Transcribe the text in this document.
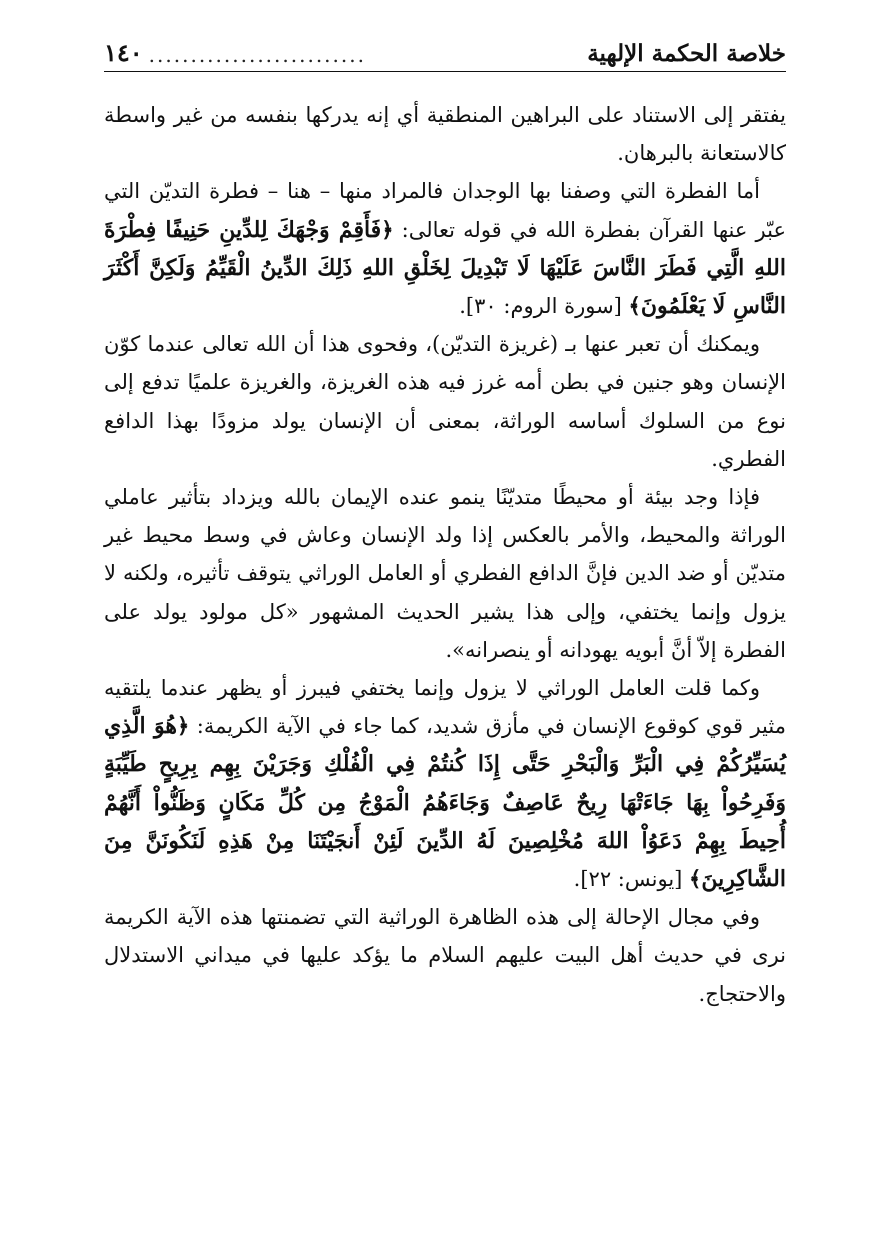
خلاصة الحكمة الإلهية
..........................
١٤٠

يفتقر إلى الاستناد على البراهين المنطقية أي إنه يدركها بنفسه من غير واسطة كالاستعانة بالبرهان.

أما الفطرة التي وصفنا بها الوجدان فالمراد منها – هنا – فطرة التديّن التي عبّر عنها القرآن بفطرة الله في قوله تعالى: ﴿فَأَقِمْ وَجْهَكَ لِلدِّينِ حَنِيفًا فِطْرَةَ اللهِ الَّتِي فَطَرَ النَّاسَ عَلَيْهَا لَا تَبْدِيلَ لِخَلْقِ اللهِ ذَلِكَ الدِّينُ الْقَيِّمُ وَلَكِنَّ أَكْثَرَ النَّاسِ لَا يَعْلَمُونَ﴾ [سورة الروم: ٣٠].

ويمكنك أن تعبر عنها بـ (غريزة التديّن)، وفحوى هذا أن الله تعالى عندما كوّن الإنسان وهو جنين في بطن أمه غرز فيه هذه الغريزة، والغريزة علميًا تدفع إلى نوع من السلوك أساسه الوراثة، بمعنى أن الإنسان يولد مزودًا بهذا الدافع الفطري.

فإذا وجد بيئة أو محيطًا متديّنًا ينمو عنده الإيمان بالله ويزداد بتأثير عاملي الوراثة والمحيط، والأمر بالعكس إذا ولد الإنسان وعاش في وسط محيط غير متديّن أو ضد الدين فإنَّ الدافع الفطري أو العامل الوراثي يتوقف تأثيره، ولكنه لا يزول وإنما يختفي، وإلى هذا يشير الحديث المشهور «كل مولود يولد على الفطرة إلاّ أنَّ أبويه يهودانه أو ينصرانه».

وكما قلت العامل الوراثي لا يزول وإنما يختفي فيبرز أو يظهر عندما يلتقيه مثير قوي كوقوع الإنسان في مأزق شديد، كما جاء في الآية الكريمة: ﴿هُوَ الَّذِي يُسَيِّرُكُمْ فِي الْبَرِّ وَالْبَحْرِ حَتَّى إِذَا كُنتُمْ فِي الْفُلْكِ وَجَرَيْنَ بِهِم بِرِيحٍ طَيِّبَةٍ وَفَرِحُواْ بِهَا جَاءَتْهَا رِيحٌ عَاصِفٌ وَجَاءَهُمُ الْمَوْجُ مِن كُلِّ مَكَانٍ وَظَنُّواْ أَنَّهُمْ أُحِيطَ بِهِمْ دَعَوُاْ اللهَ مُخْلِصِينَ لَهُ الدِّينَ لَئِنْ أَنجَيْتَنَا مِنْ هَذِهِ لَنَكُونَنَّ مِنَ الشَّاكِرِينَ﴾ [يونس: ٢٢].

وفي مجال الإحالة إلى هذه الظاهرة الوراثية التي تضمنتها هذه الآية الكريمة نرى في حديث أهل البيت عليهم السلام ما يؤكد عليها في ميداني الاستدلال والاحتجاج.
